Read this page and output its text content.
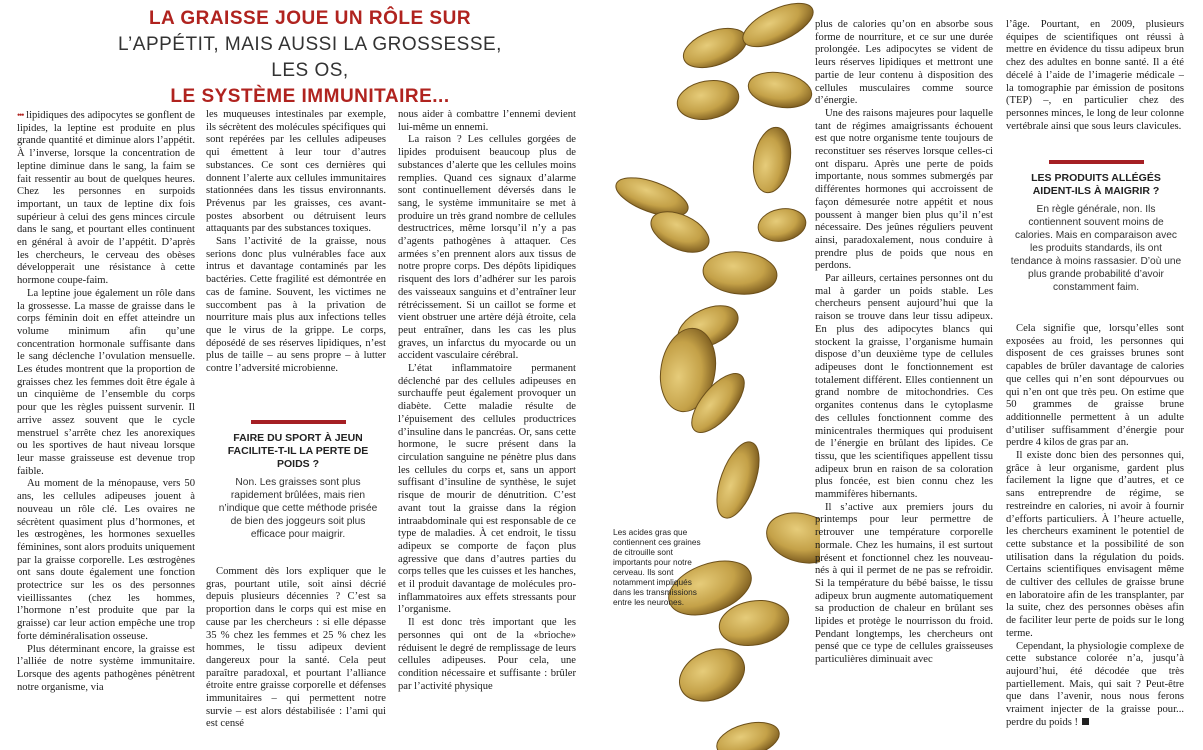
LA GRAISSE JOUE UN RÔLE SUR
L’APPÉTIT, MAIS AUSSI LA GROSSESSE, LES OS,
LE SYSTÈME IMMUNITAIRE...

••• lipidiques des adipocytes se gonflent de lipides, la leptine est produite en plus grande quantité et diminue alors l’appétit. À l’inverse, lorsque la concentration de leptine diminue dans le sang, la faim se fait ressentir au bout de quelques heures. Chez les personnes en surpoids important, un taux de leptine dix fois supérieur à celui des gens minces circule dans le sang, et pourtant elles continuent en général à avoir de l’appétit. D’après les chercheurs, le cerveau des obèses développerait une résistance à cette hormone coupe-faim.

La leptine joue également un rôle dans la grossesse. La masse de graisse dans le corps féminin doit en effet atteindre un volume minimum afin qu’une concentration hormonale suffisante dans le sang déclenche l’ovulation mensuelle. Les études montrent que la proportion de graisses chez les femmes doit être égale à un cinquième de l’ensemble du corps pour que les règles puissent survenir. Il arrive assez souvent que le cycle menstruel s’arrête chez les anorexiques ou les sportives de haut niveau lorsque leur masse graisseuse est devenue trop faible.

Au moment de la ménopause, vers 50 ans, les cellules adipeuses jouent à nouveau un rôle clé. Les ovaires ne sécrètent quasiment plus d’hormones, et les œstrogènes, les hormones sexuelles féminines, sont alors produits uniquement par la graisse corporelle. Les œstrogènes ont sans doute également une fonction protectrice sur les os des personnes vieillissantes (chez les hommes, l’hormone n’est produite que par la graisse) car leur action empêche une trop forte déminéralisation osseuse.

Plus déterminant encore, la graisse est l’alliée de notre système immunitaire. Lorsque des agents pathogènes pénètrent notre organisme, via

les muqueuses intestinales par exemple, ils sécrètent des molécules spécifiques qui sont repérées par les cellules adipeuses qui émettent à leur tour d’autres substances. Ce sont ces dernières qui donnent l’alerte aux cellules immunitaires stationnées dans les tissus environnants. Prévenus par les graisses, ces avant-postes absorbent ou détruisent leurs attaquants par des substances toxiques.

Sans l’activité de la graisse, nous serions donc plus vulnérables face aux intrus et davantage contaminés par les bactéries. Cette fragilité est démontrée en cas de famine. Souvent, les victimes ne succombent pas à la privation de nourriture mais plus aux infections telles que le virus de la grippe. Le corps, déposédé de ses réserves lipidiques, n’est plus de taille – au sens propre – à lutter contre l’adversité microbienne.

FAIRE DU SPORT À JEUN FACILITE-T-IL LA PERTE DE POIDS ?
Non. Les graisses sont plus rapidement brûlées, mais rien n’indique que cette méthode prisée de bien des joggeurs soit plus efficace pour maigrir.

Comment dès lors expliquer que le gras, pourtant utile, soit ainsi décrié depuis plusieurs décennies ? C’est sa proportion dans le corps qui est mise en cause par les chercheurs : si elle dépasse 35 % chez les femmes et 25 % chez les hommes, le tissu adipeux devient dangereux pour la santé. Cela peut paraître paradoxal, et pourtant l’alliance étroite entre graisse corporelle et défenses immunitaires – qui permettent notre survie – est alors déstabilisée : l’ami qui est censé

nous aider à combattre l’ennemi devient lui-même un ennemi.

La raison ? Les cellules gorgées de lipides produisent beaucoup plus de substances d’alerte que les cellules moins remplies. Quand ces signaux d’alarme sont continuellement déversés dans le sang, le système immunitaire se met à produire un très grand nombre de cellules destructrices, même lorsqu’il n’y a pas d’agents pathogènes à attaquer. Ces armées s’en prennent alors aux tissus de notre propre corps. Des dépôts lipidiques risquent des lors d’adhérer sur les parois des vaisseaux sanguins et d’entraîner leur rétrécissement. Si un caillot se forme et vient obstruer une artère déjà étroite, cela peut entraîner, dans les cas les plus graves, un infarctus du myocarde ou un accident vasculaire cérébral.

L’état inflammatoire permanent déclenché par des cellules adipeuses en surchauffe peut également provoquer un diabète. Cette maladie résulte de l’épuisement des cellules productrices d’insuline dans le pancréas. Or, sans cette hormone, le sucre présent dans la circulation sanguine ne pénètre plus dans les cellules du corps et, sans un apport suffisant d’insuline de synthèse, le sujet risque de mourir de dénutrition. C’est avant tout la graisse dans la région intraabdominale qui est responsable de ce type de maladies. À cet endroit, le tissu adipeux se comporte de façon plus agressive que dans d’autres parties du corps telles que les cuisses et les hanches, et il produit davantage de molécules pro-inflammatoires aux effets stressants pour l’organisme.

Il est donc très important que les personnes qui ont de la «brioche» réduisent le degré de remplissage de leurs cellules adipeuses. Pour cela, une condition nécessaire et suffisante : brûler par l’activité physique

Les acides gras que contiennent ces graines de citrouille sont importants pour notre cerveau. Ils sont notamment impliqués dans les transmissions entre les neurones.

plus de calories qu’on en absorbe sous forme de nourriture, et ce sur une durée prolongée. Les adipocytes se vident de leurs réserves lipidiques et mettront une partie de leur contenu à disposition des cellules musculaires comme source d’énergie.

Une des raisons majeures pour laquelle tant de régimes amaigrissants échouent est que notre organisme tente toujours de reconstituer ses réserves lorsque celles-ci ont disparu. Après une perte de poids importante, nous sommes submergés par différentes hormones qui accroissent de façon démesurée notre appétit et nous poussent à manger bien plus qu’il n’est nécessaire. Des jeûnes réguliers peuvent ainsi, paradoxalement, nous conduire à prendre plus de poids que nous en perdons.

Par ailleurs, certaines personnes ont du mal à garder un poids stable. Les chercheurs pensent aujourd’hui que la raison se trouve dans leur tissu adipeux. En plus des adipocytes blancs qui stockent la graisse, l’organisme humain dispose d’un deuxième type de cellules adipeuses dont le fonctionnement est totalement différent. Elles contiennent un grand nombre de mitochondries. Ces organites contenus dans le cytoplasme des cellules fonctionnent comme des minicentrales thermiques qui produisent de l’énergie en brûlant des lipides. Ce tissu, que les scientifiques appellent tissu adipeux brun en raison de sa coloration plus foncée, est bien connu chez les mammifères hibernants.

Il s’active aux premiers jours du printemps pour leur permettre de retrouver une température corporelle normale. Chez les humains, il est surtout présent et fonctionnel chez les nouveau-nés à qui il permet de ne pas se refroidir. Si la température du bébé baisse, le tissu adipeux brun augmente automatiquement sa production de chaleur en brûlant ses lipides et protège le nourrisson du froid. Pendant longtemps, les chercheurs ont pensé que ce type de cellules graisseuses particulières diminuait avec

l’âge. Pourtant, en 2009, plusieurs équipes de scientifiques ont réussi à mettre en évidence du tissu adipeux brun chez des adultes en bonne santé. Il a été décelé à l’aide de l’imagerie médicale – la tomographie par émission de positons (TEP) –, en particulier chez des personnes minces, le long de leur colonne vertébrale ainsi que sous leurs clavicules.

LES PRODUITS ALLÉGÉS AIDENT-ILS À MAIGRIR ?
En règle générale, non. Ils contiennent souvent moins de calories. Mais en comparaison avec les produits standards, ils ont tendance à moins rassasier. D’où une plus grande probabilité d’avoir constamment faim.

Cela signifie que, lorsqu’elles sont exposées au froid, les personnes qui disposent de ces graisses brunes sont capables de brûler davantage de calories que celles qui n’en sont dépourvues ou qui n’en ont que très peu. On estime que 50 grammes de graisse brune additionnelle permettent à un adulte d’utiliser suffisamment d’énergie pour perdre 4 kilos de gras par an.

Il existe donc bien des personnes qui, grâce à leur organisme, gardent plus facilement la ligne que d’autres, et ce sans entreprendre de régime, se restreindre en calories, ni avoir à fournir d’efforts particuliers. À l’heure actuelle, les chercheurs examinent le potentiel de cette substance et la possibilité de son utilisation dans la régulation du poids. Certains scientifiques envisagent même de cultiver des cellules de graisse brune en laboratoire afin de les transplanter, par la suite, chez des personnes obèses afin de faciliter leur perte de poids sur le long terme.

Cependant, la physiologie complexe de cette substance colorée n’a, jusqu’à aujourd’hui, été décodée que très partiellement. Mais, qui sait ? Peut-être que dans l’avenir, nous nous ferons vraiment injecter de la graisse pour... perdre du poids !
